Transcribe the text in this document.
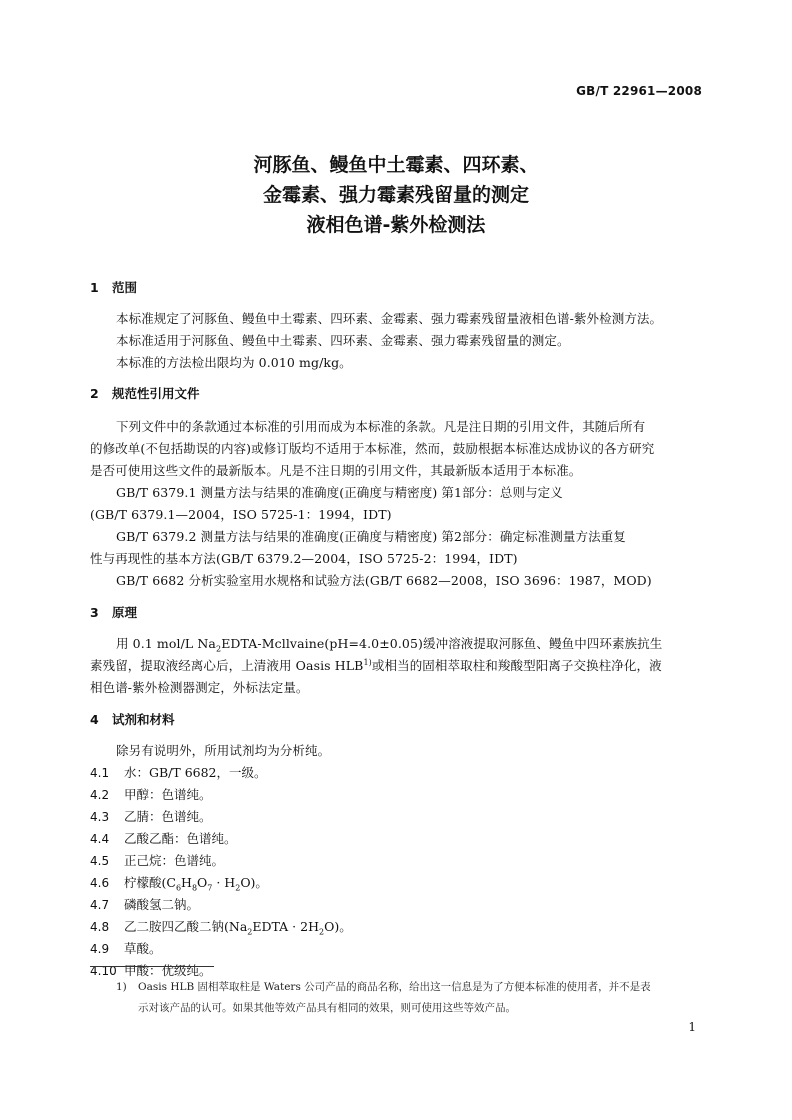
GB/T 22961—2008
河豚鱼、鳗鱼中土霉素、四环素、
金霉素、强力霉素残留量的测定
液相色谱-紫外检测法
1 范围
本标准规定了河豚鱼、鳗鱼中土霉素、四环素、金霉素、强力霉素残留量液相色谱-紫外检测方法。
本标准适用于河豚鱼、鳗鱼中土霉素、四环素、金霉素、强力霉素残留量的测定。
本标准的方法检出限均为 0.010 mg/kg。
2 规范性引用文件
下列文件中的条款通过本标准的引用而成为本标准的条款。凡是注日期的引用文件，其随后所有
的修改单(不包括勘误的内容)或修订版均不适用于本标准，然而，鼓励根据本标准达成协议的各方研究
是否可使用这些文件的最新版本。凡是不注日期的引用文件，其最新版本适用于本标准。
GB/T 6379.1 测量方法与结果的准确度(正确度与精密度) 第1部分：总则与定义
(GB/T 6379.1—2004，ISO 5725-1：1994，IDT)
GB/T 6379.2 测量方法与结果的准确度(正确度与精密度) 第2部分：确定标准测量方法重复
性与再现性的基本方法(GB/T 6379.2—2004，ISO 5725-2：1994，IDT)
GB/T 6682 分析实验室用水规格和试验方法(GB/T 6682—2008，ISO 3696：1987，MOD)
3 原理
用 0.1 mol/L $Na_2EDTA-Mcllvaine(pH=4.0\pm 0.05)$缓冲溶液提取河豚鱼、鳗鱼中四环素族抗生
素残留，提取液经离心后，上清液用 Oasis HLB$^{1)}$或相当的固相萃取柱和羧酸型阳离子交换柱净化，液
相色谱-紫外检测器测定，外标法定量。
4 试剂和材料
除另有说明外，所用试剂均为分析纯。
4.1 水：GB/T 6682，一级。
4.2 甲醇：色谱纯。
4.3 乙腈：色谱纯。
4.4 乙酸乙酯：色谱纯。
4.5 正己烷：色谱纯。
4.6 柠檬酸$(C_6H_8O_7 \cdot H_2O)$。
4.7 磷酸氢二钠。
4.8 乙二胺四乙酸二钠$(Na_2EDTA \cdot 2H_2O)$。
4.9 草酸。
4.10 甲酸：优级纯。
1) Oasis HLB 固相萃取柱是 Waters 公司产品的商品名称，给出这一信息是为了方便本标准的使用者，并不是表
示对该产品的认可。如果其他等效产品具有相同的效果，则可使用这些等效产品。
1
